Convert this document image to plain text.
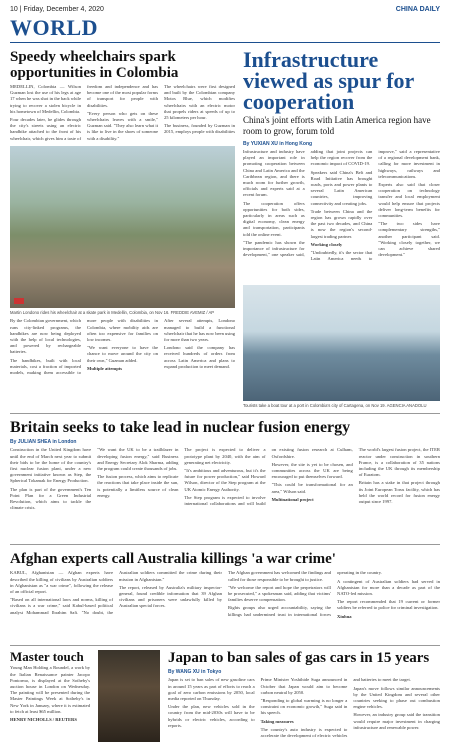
10 | Friday, December 4, 2020	CHINA DAILY
WORLD
Speedy wheelchairs spark opportunities in Colombia

MEDELLIN, Colombia — Wilson Guzman lost the use of his legs at age 17 when he was shot in the back while trying to recover a stolen bicycle in his hometown of Medellin, Colombia.

Four decades later, he glides through the city's streets using an electric handbike attached to the front of his wheelchair, which gives him a taste of freedom and independence and has become one of the most popular forms of transport for people with disabilities.

"Every person who gets on these wheelchairs leaves with a smile," Guzman said. "They also learn what it is like to live in the shoes of someone with a disability."

The wheelchairs were first designed and built by the Colombian company Motos Blue, which modifies wheelchairs with an electric motor that propels riders at speeds of up to 25 kilometers per hour.

The business, founded by Guzman in 2015, employs people with disabilities

Martin Londono rides his wheelchair at a skate park in Medellin, Colombia, on Nov 16. FREDDIE AVEMIZ / AP

By the Colombian government, which runs city-linked programs, the handbikes are now being deployed with the help of local technologies, and powered by rechargeable batteries.

The handbikes, built with local materials, cost a fraction of imported models, making them accessible to more people with disabilities in Colombia, where mobility aids are often too expensive for families on low incomes.

"We want everyone to have the chance to move around the city on their own," Guzman added.

Multiple attempts

After several attempts, Londono managed to build a functional wheelchair that he has now been using for more than two years.

Londono said the company has received hundreds of orders from across Latin America and plans to expand production to meet demand.

Infrastructure viewed as spur for cooperation
China's joint efforts with Latin America region have room to grow, forum told
By YUXIAN XU in Hong Kong

Infrastructure and industry have played an important role in promoting cooperation between China and Latin America and the Caribbean region, and there is much room for further growth, officials and experts said at a recent forum.

The cooperation offers opportunities for both sides, particularly in areas such as digital economy, clean energy and transportation, participants told the online event.

"The pandemic has shown the importance of infrastructure for development," one speaker said, adding that joint projects can help the region recover from the economic impact of COVID-19.

Speakers said China's Belt and Road Initiative has brought roads, ports and power plants to several Latin American countries, improving connectivity and creating jobs.

Trade between China and the region has grown rapidly over the past two decades, and China is now the region's second-largest trading partner.

Working closely

"Undoubtedly, it's the sector that Latin America needs to improve," said a representative of a regional development bank, calling for more investment in highways, railways and telecommunications.

Experts also said that closer cooperation on technology transfer and local employment would help ensure that projects deliver long-term benefits for communities.

"The two sides have complementary strengths," another participant said. "Working closely together, we can achieve shared development."

Tourists take a boat tour at a port in Colombia's city of Cartagena, on Nov 19. AGENCIA ANADOLU
Britain seeks to take lead in nuclear fusion energy
By JULIAN SHEA in London

Construction in the United Kingdom have until the end of March next year to submit their bids to be the home of the country's first nuclear fusion plant, under a new government initiative known as Step, the Spherical Tokamak for Energy Production.

The plan is part of the government's Ten Point Plan for a Green Industrial Revolution, which aims to tackle the climate crisis.

"We want the UK to be a trailblazer in developing fusion energy," said Business and Energy Secretary Alok Sharma, adding the program could create thousands of jobs.

The fusion process, which aims to replicate the reactions that take place inside the sun, is potentially a limitless source of clean energy.

The project is expected to deliver a prototype plant by 2040, with the aim of generating net electricity.

"It's ambitious and adventurous, but it's the future for power production," said Howard Wilson, director of the Step program at the UK Atomic Energy Authority.

The Step program is expected to involve international collaborations and will build on existing fusion research at Culham, Oxfordshire.

However, the site is yet to be chosen, and communities across the UK are being encouraged to put themselves forward.

"This could be transformational for an area," Wilson said.

Multinational project

The world's largest fusion project, the ITER reactor under construction in southern France, is a collaboration of 35 nations including the UK through its membership of Euratom.

Britain has a stake in that project through its Joint European Torus facility, which has held the world record for fusion energy output since 1997.

Afghan experts call Australia killings 'a war crime'

KABUL, Afghanistan — Afghan experts have described the killing of civilians by Australian soldiers in Afghanistan as "a war crime", following the release of an official report.

"Based on all international laws and norms, killing of civilians is a war crime," said Kabul-based political analyst Mohammad Ibrahim Safi. "No doubt, the Australian soldiers committed the crime during their mission in Afghanistan."

The report, released by Australia's military inspector-general, found credible information that 39 Afghan civilians and prisoners were unlawfully killed by Australian special forces.

The Afghan government has welcomed the findings and called for those responsible to be brought to justice.

"We welcome the report and hope the perpetrators will be prosecuted," a spokesman said, adding that victims' families deserve compensation.

Rights groups also urged accountability, saying the killings had undermined trust in international forces operating in the country.

A contingent of Australian soldiers had served in Afghanistan for more than a decade as part of the NATO-led mission.

The report recommended that 19 current or former soldiers be referred to police for criminal investigation.

Xinhua

Master touch

Young Man Holding a Roundel, a work by the Italian Renaissance painter Jacopo Pontormo, is displayed at the Sotheby's auction house in London on Wednesday. The painting will be presented during the Master Paintings Week at Sotheby's in New York in January, where it is estimated to fetch at least $65 million.

HENRY NICHOLLS / REUTERS

Japan to ban sales of gas cars in 15 years
By WANG XU in Tokyo

Japan is set to ban sales of new gasoline cars in around 15 years as part of efforts to reach a goal of zero carbon emissions by 2050, local media reported on Thursday.

Under the plan, new vehicles sold in the country from the mid-2030s will have to be hybrids or electric vehicles, according to reports.

Prime Minister Yoshihide Suga announced in October that Japan would aim to become carbon neutral by 2050.

"Responding to global warming is no longer a constraint on economic growth," Suga said in his speech.

Taking measures

The country's auto industry is expected to accelerate the development of electric vehicles and batteries to meet the target.

Japan's move follows similar announcements by the United Kingdom and several other countries seeking to phase out combustion engine vehicles.

However, an industry group said the transition would require major investment in charging infrastructure and renewable power.
